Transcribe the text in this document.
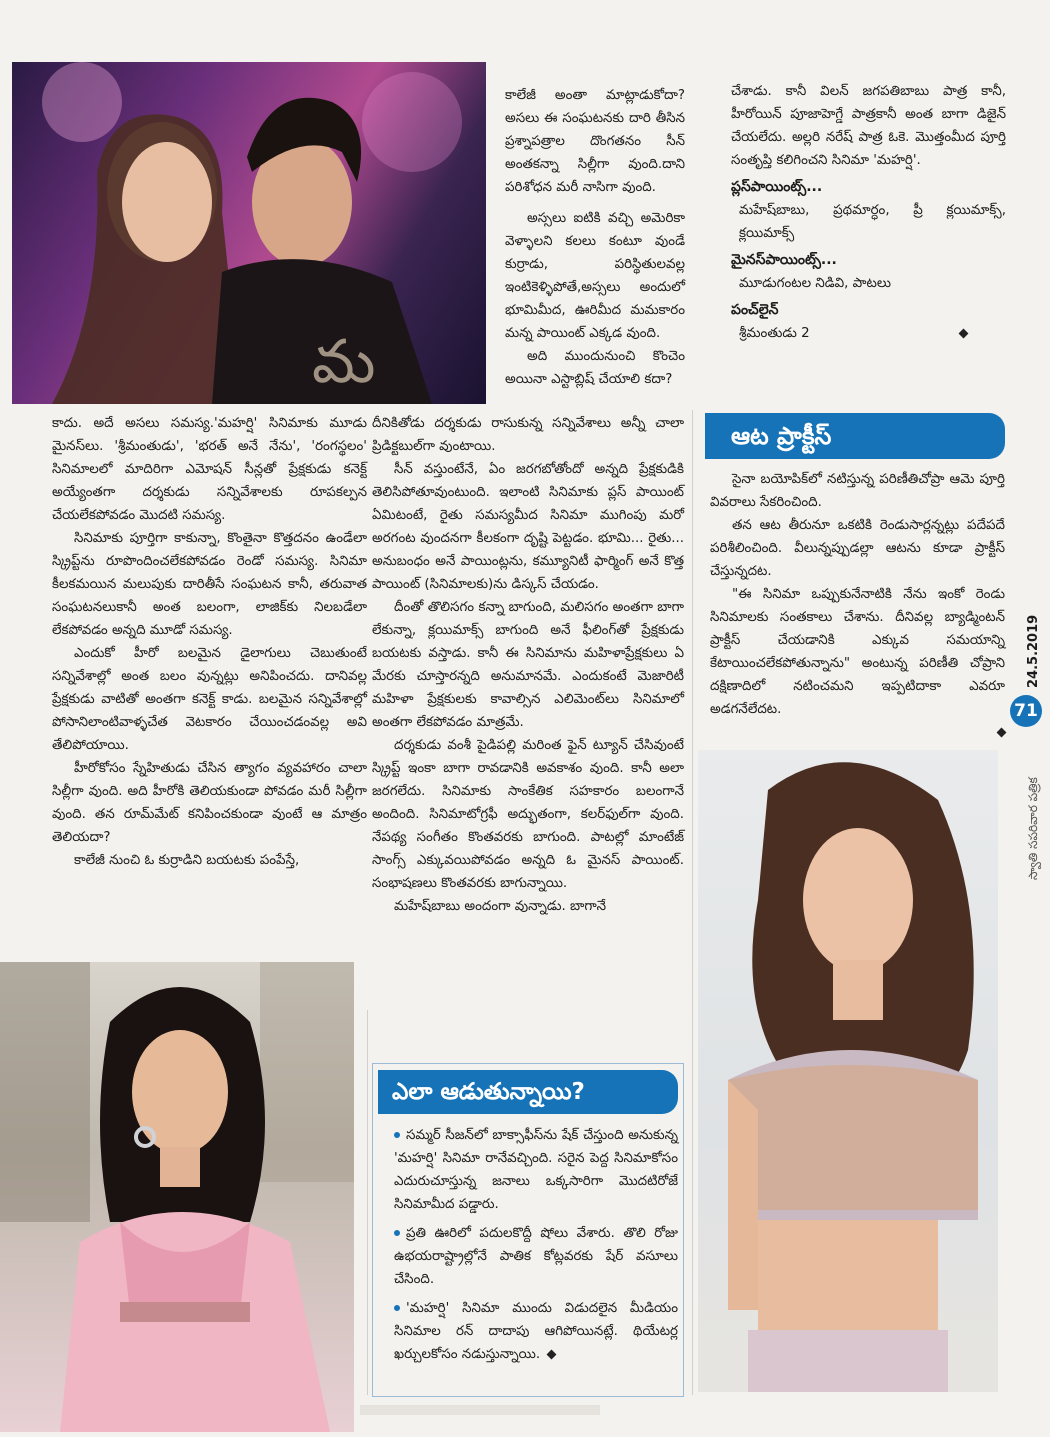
మ

కాలేజీ అంతా మాట్లాడుకోదా? అసలు ఈ సంఘటనకు దారి తీసిన ప్రశ్నాపత్రాల దొంగతనం సీన్ అంతకన్నా సిల్లీగా వుంది.దాని పరిశోధన మరీ నాసిగా వుంది.

అస్సలు ఐటికి వచ్చి అమెరికా వెళ్ళాలని కలలు కంటూ వుండే కుర్రాడు, పరిస్థితులవల్ల ఇంటికెళ్ళిపోతే,అస్సలు అందులో భూమిమీద, ఊరిమీద మమకారం మన్న పాయింట్ ఎక్కడ వుంది.

అది ముందునుంచి కొంచెం అయినా ఎస్టాబ్లిష్ చేయాలి కదా?

చేశాడు. కానీ విలన్ జగపతిబాబు పాత్ర కానీ, హీరోయిన్ పూజాహెగ్డే పాత్రకానీ అంత బాగా డిజైన్ చేయలేదు. అల్లరి నరేష్ పాత్ర ఓకె. మొత్తంమీద పూర్తి సంతృప్తి కలిగించని సినిమా 'మహర్షి'.

ప్లస్‌పాయింట్స్...
మహేష్‌బాబు, ప్రథమార్ధం, ప్రీ క్లయిమాక్స్, క్లయిమాక్స్
మైనస్‌పాయింట్స్...
మూడుగంటల నిడివి, పాటలు
పంచ్‌లైన్
శ్రీమంతుడు 2

కాదు. అదే అసలు సమస్య.'మహర్షి' సినిమాకు మూడు మైనస్‌లు. 'శ్రీమంతుడు', 'భరత్ అనే నేను', 'రంగస్థలం' సినిమాలలో మాదిరిగా ఎమోషన్ సీన్లతో ప్రేక్షకుడు కనెక్ట్ అయ్యేంతగా దర్శకుడు సన్నివేశాలకు రూపకల్పన చేయలేకపోవడం మొదటి సమస్య.

సినిమాకు పూర్తిగా కాకున్నా, కొంతైనా కొత్తదనం ఉండేలా స్క్రిప్ట్‌ను రూపొందించలేకపోవడం రెండో సమస్య. సినిమా కీలకమయిన మలుపుకు దారితీసే సంఘటన కానీ, తరువాత సంఘటనలుకానీ అంత బలంగా, లాజిక్‌కు నిలబడేలా లేకపోవడం అన్నది మూడో సమస్య.

ఎందుకో హీరో బలమైన డైలాగులు చెబుతుంటే సన్నివేశాల్లో అంత బలం వున్నట్లు అనిపించదు. దానివల్ల ప్రేక్షకుడు వాటితో అంతగా కనెక్ట్ కాడు. బలమైన సన్నివేశాల్లో పోసానిలాంటివాళ్ళచేత వెటకారం చేయించడంవల్ల అవి తేలిపోయాయి.

హీరోకోసం స్నేహితుడు చేసిన త్యాగం వ్యవహారం చాలా సిల్లీగా వుంది. అది హీరోకి తెలియకుండా పోవడం మరీ సిల్లీగా వుంది. తన రూమ్‌మేట్ కనిపించకుండా వుంటే ఆ మాత్రం తెలియదా?

కాలేజీ నుంచి ఓ కుర్రాడిని బయటకు పంపేస్తే,

దీనికితోడు దర్శకుడు రాసుకున్న సన్నివేశాలు అన్నీ చాలా ప్రిడిక్టబుల్‌గా వుంటాయి.

సీన్ వస్తుంటేనే, ఏం జరగబోతోందో అన్నది ప్రేక్షకుడికి తెలిసిపోతూవుంటుంది. ఇలాంటి సినిమాకు ప్లస్ పాయింట్ ఏమిటంటే, రైతు సమస్యమీద సినిమా ముగింపు మరో అరగంట వుందనగా కీలకంగా దృష్టి పెట్టడం. భూమి... రైతు... అనుబంధం అనే పాయింట్లను, కమ్యూనిటీ ఫార్మింగ్ అనే కొత్త పాయింట్ (సినిమాలకు)ను డిస్కస్ చేయడం.

దీంతో తొలిసగం కన్నా బాగుంది, మలిసగం అంతగా బాగా లేకున్నా, క్లయిమాక్స్ బాగుంది అనే ఫీలింగ్‌తో ప్రేక్షకుడు బయటకు వస్తాడు. కానీ ఈ సినిమాను మహిళాప్రేక్షకులు ఏ మేరకు చూస్తారన్నది అనుమానమే. ఎందుకంటే మెజారిటీ మహిళా ప్రేక్షకులకు కావాల్సిన ఎలిమెంట్‌లు సినిమాలో అంతగా లేకపోవడం మాత్రమే.

దర్శకుడు వంశీ పైడిపల్లి మరింత ఫైన్ ట్యూన్ చేసివుంటే స్క్రిప్ట్ ఇంకా బాగా రావడానికి అవకాశం వుంది. కానీ అలా జరగలేదు. సినిమాకు సాంకేతిక సహకారం బలంగానే అందింది. సినిమాటోగ్రఫీ అద్భుతంగా, కలర్‌ఫుల్‌గా వుంది. నేపథ్య సంగీతం కొంతవరకు బాగుంది. పాటల్లో మాంటేజ్ సాంగ్స్ ఎక్కువయిపోవడం అన్నది ఓ మైనస్ పాయింట్. సంభాషణలు కొంతవరకు బాగున్నాయి.

మహేష్‌బాబు అందంగా వున్నాడు. బాగానే

ఆట ప్రాక్టీస్

సైనా బయోపిక్‌లో నటిస్తున్న పరిణీతిచోప్రా ఆమె పూర్తి వివరాలు సేకరించింది.

తన ఆట తీరునూ ఒకటికి రెండుసార్లన్నట్లు పదేపదే పరిశీలించింది. వీలున్నప్పుడల్లా ఆటను కూడా ప్రాక్టీస్ చేస్తున్నదట.

"ఈ సినిమా ఒప్పుకునేనాటికి నేను ఇంకో రెండు సినిమాలకు సంతకాలు చేశాను. దీనివల్ల బ్యాడ్మింటన్ ప్రాక్టీస్ చేయడానికి ఎక్కువ సమయాన్ని కేటాయించలేకపోతున్నాను" అంటున్న పరిణీతి చోప్రాని దక్షిణాదిలో నటించమని ఇప్పటిదాకా ఎవరూ అడగనేలేదట.	71
24.5.2019
స్వాతి సపరివార పత్రిక
ఎలా ఆడుతున్నాయి?

సమ్మర్ సీజన్‌లో బాక్సాఫీస్‌ను షేక్ చేస్తుంది అనుకున్న 'మహర్షి' సినిమా రానేవచ్చింది. సరైన పెద్ద సినిమాకోసం ఎదురుచూస్తున్న జనాలు ఒక్కసారిగా మొదటిరోజే సినిమామీద పడ్డారు.

ప్రతి ఊరిలో పదులకొద్దీ షోలు వేశారు. తొలి రోజు ఉభయరాష్ట్రాల్లోనే పాతిక కోట్లవరకు షేర్ వసూలు చేసింది.

'మహర్షి' సినిమా ముందు విడుదలైన మీడియం సినిమాల రన్ దాదాపు ఆగిపోయినట్లే. థియేటర్ల ఖర్చులకోసం నడుస్తున్నాయి.
